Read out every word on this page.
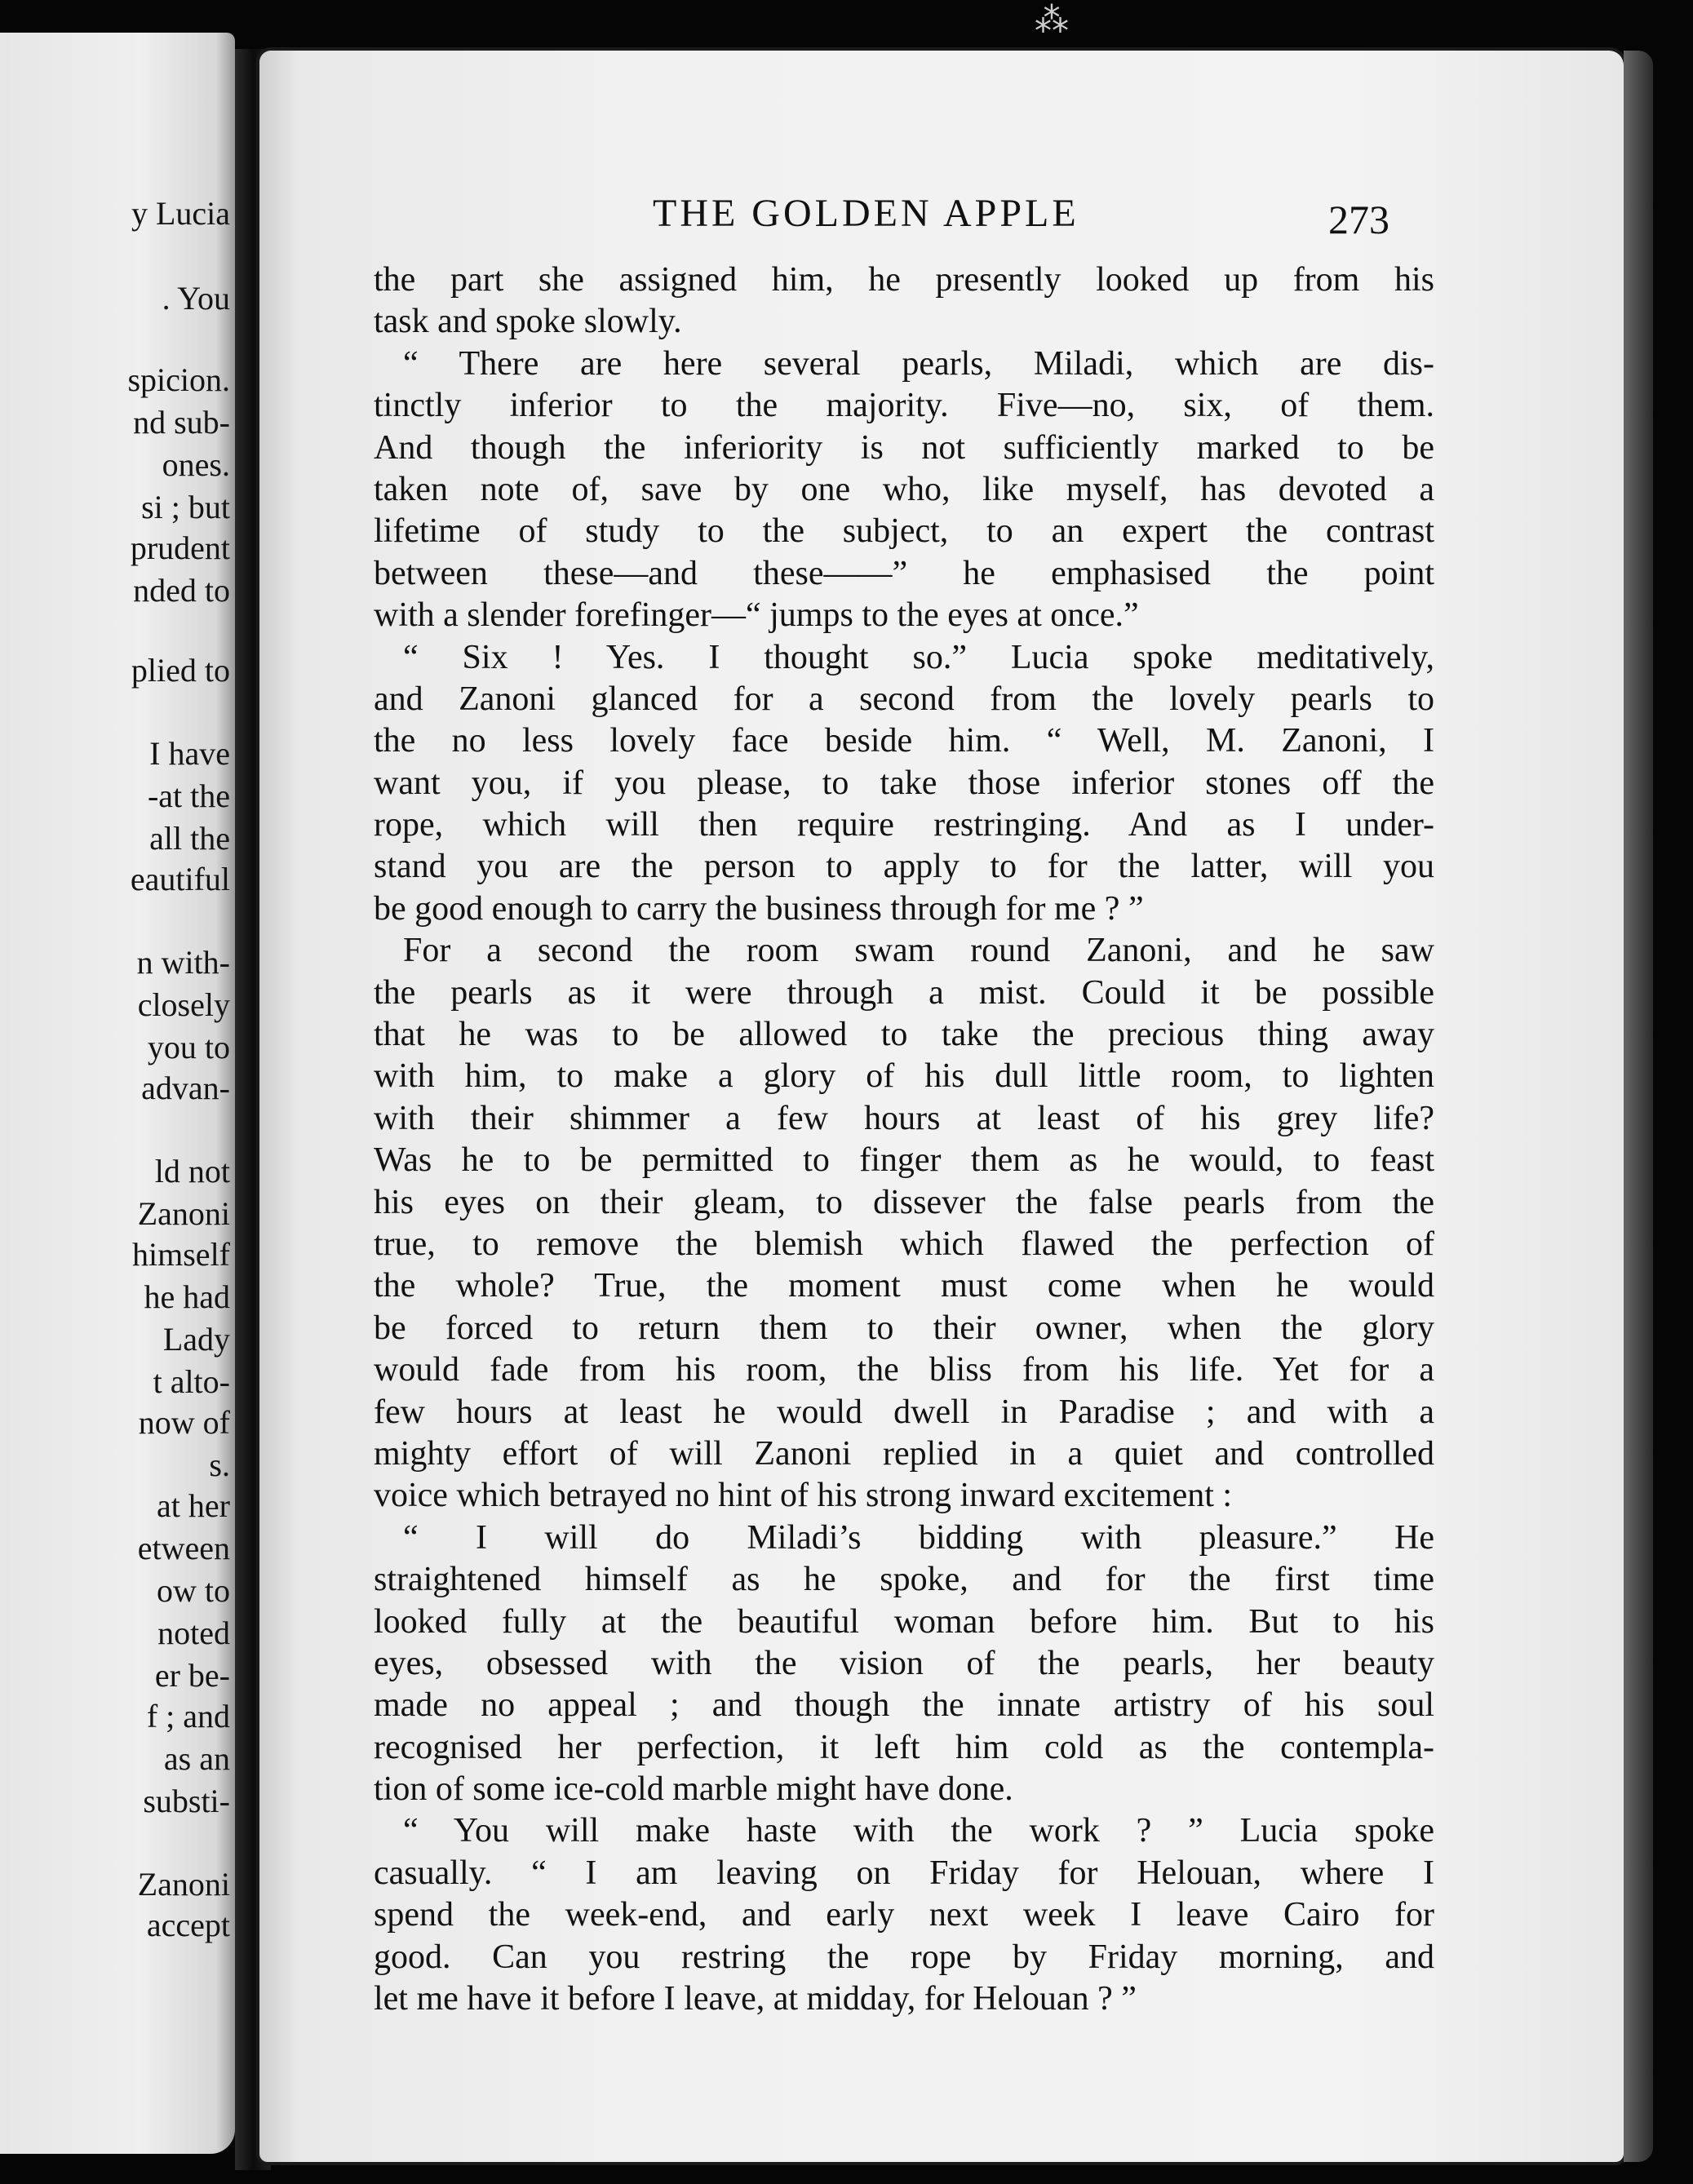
⁂
y Lucia
. You
spicion.
nd sub-
ones.
si ; but
prudent
nded to
plied to
I have
-at the
all the
eautiful
n with-
closely
you to
advan-
ld not
Zanoni
himself
he had
Lady
t alto-
now of
s.
at her
etween
ow to
noted
er be-
f ; and
as an
substi-
Zanoni
accept
THE GOLDEN APPLE	273
the part she assigned him, he presently looked up from his
task and spoke slowly.
“ There are here several pearls, Miladi, which are dis-
tinctly inferior to the majority. Five—no, six, of them.
And though the inferiority is not sufficiently marked to be
taken note of, save by one who, like myself, has devoted a
lifetime of study to the subject, to an expert the contrast
between these—and these——” he emphasised the point
with a slender forefinger—“ jumps to the eyes at once.”
“ Six ! Yes. I thought so.” Lucia spoke meditatively,
and Zanoni glanced for a second from the lovely pearls to
the no less lovely face beside him. “ Well, M. Zanoni, I
want you, if you please, to take those inferior stones off the
rope, which will then require restringing. And as I under-
stand you are the person to apply to for the latter, will you
be good enough to carry the business through for me ? ”
For a second the room swam round Zanoni, and he saw
the pearls as it were through a mist. Could it be possible
that he was to be allowed to take the precious thing away
with him, to make a glory of his dull little room, to lighten
with their shimmer a few hours at least of his grey life?
Was he to be permitted to finger them as he would, to feast
his eyes on their gleam, to dissever the false pearls from the
true, to remove the blemish which flawed the perfection of
the whole? True, the moment must come when he would
be forced to return them to their owner, when the glory
would fade from his room, the bliss from his life. Yet for a
few hours at least he would dwell in Paradise ; and with a
mighty effort of will Zanoni replied in a quiet and controlled
voice which betrayed no hint of his strong inward excitement :
“ I will do Miladi’s bidding with pleasure.” He
straightened himself as he spoke, and for the first time
looked fully at the beautiful woman before him. But to his
eyes, obsessed with the vision of the pearls, her beauty
made no appeal ; and though the innate artistry of his soul
recognised her perfection, it left him cold as the contempla-
tion of some ice-cold marble might have done.
“ You will make haste with the work ? ” Lucia spoke
casually. “ I am leaving on Friday for Helouan, where I
spend the week-end, and early next week I leave Cairo for
good. Can you restring the rope by Friday morning, and
let me have it before I leave, at midday, for Helouan ? ”
